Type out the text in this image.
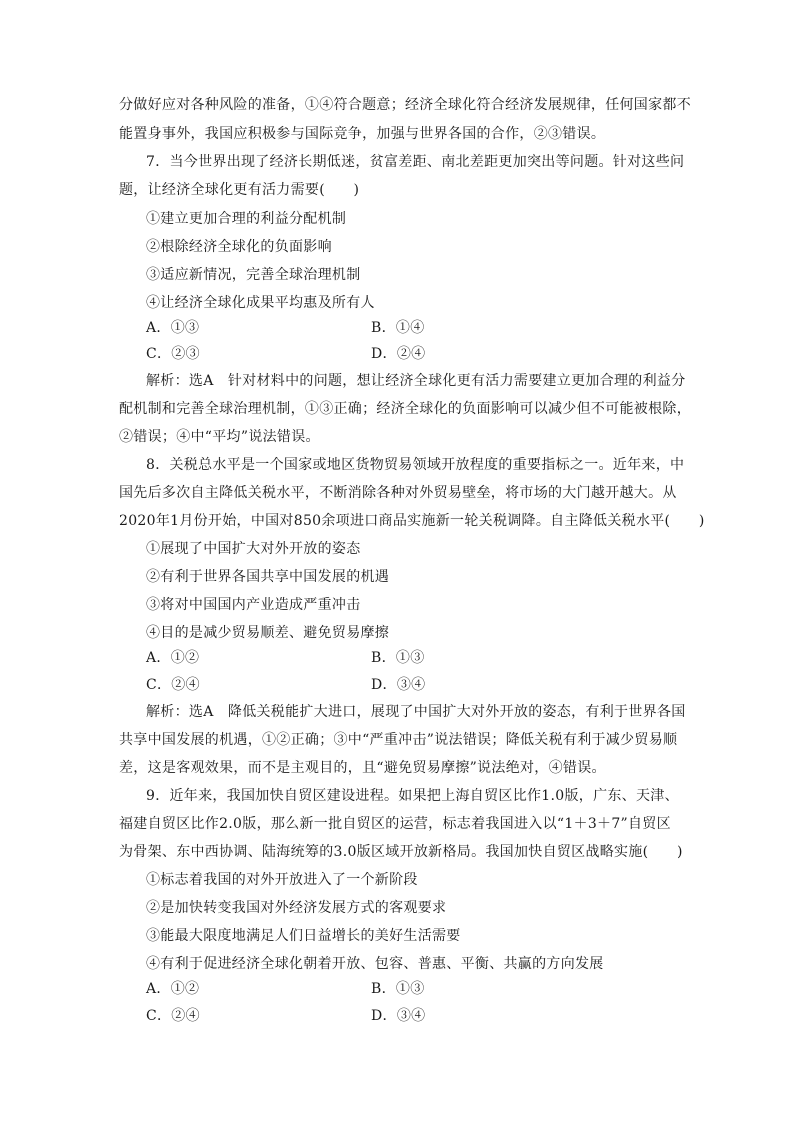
分做好应对各种风险的准备，①④符合题意；经济全球化符合经济发展规律，任何国家都不
能置身事外，我国应积极参与国际竞争，加强与世界各国的合作，②③错误。
7．当今世界出现了经济长期低迷，贫富差距、南北差距更加突出等问题。针对这些问
题，让经济全球化更有活力需要(　　)
①建立更加合理的利益分配机制
②根除经济全球化的负面影响
③适应新情况，完善全球治理机制
④让经济全球化成果平均惠及所有人
A．①③	B．①④
C．②③	D．②④
解析：选A　针对材料中的问题，想让经济全球化更有活力需要建立更加合理的利益分
配机制和完善全球治理机制，①③正确；经济全球化的负面影响可以减少但不可能被根除，
②错误；④中“平均”说法错误。
8．关税总水平是一个国家或地区货物贸易领域开放程度的重要指标之一。近年来，中
国先后多次自主降低关税水平，不断消除各种对外贸易壁垒，将市场的大门越开越大。从
2020年1月份开始，中国对850余项进口商品实施新一轮关税调降。自主降低关税水平(　　)
①展现了中国扩大对外开放的姿态
②有利于世界各国共享中国发展的机遇
③将对中国国内产业造成严重冲击
④目的是减少贸易顺差、避免贸易摩擦
A．①②	B．①③
C．②④	D．③④
解析：选A　降低关税能扩大进口，展现了中国扩大对外开放的姿态，有利于世界各国
共享中国发展的机遇，①②正确；③中“严重冲击”说法错误；降低关税有利于减少贸易顺
差，这是客观效果，而不是主观目的，且“避免贸易摩擦”说法绝对，④错误。
9．近年来，我国加快自贸区建设进程。如果把上海自贸区比作1.0版，广东、天津、
福建自贸区比作2.0版，那么新一批自贸区的运营，标志着我国进入以“1＋3＋7”自贸区
为骨架、东中西协调、陆海统筹的3.0版区域开放新格局。我国加快自贸区战略实施(　　)
①标志着我国的对外开放进入了一个新阶段
②是加快转变我国对外经济发展方式的客观要求
③能最大限度地满足人们日益增长的美好生活需要
④有利于促进经济全球化朝着开放、包容、普惠、平衡、共赢的方向发展
A．①②	B．①③
C．②④	D．③④
